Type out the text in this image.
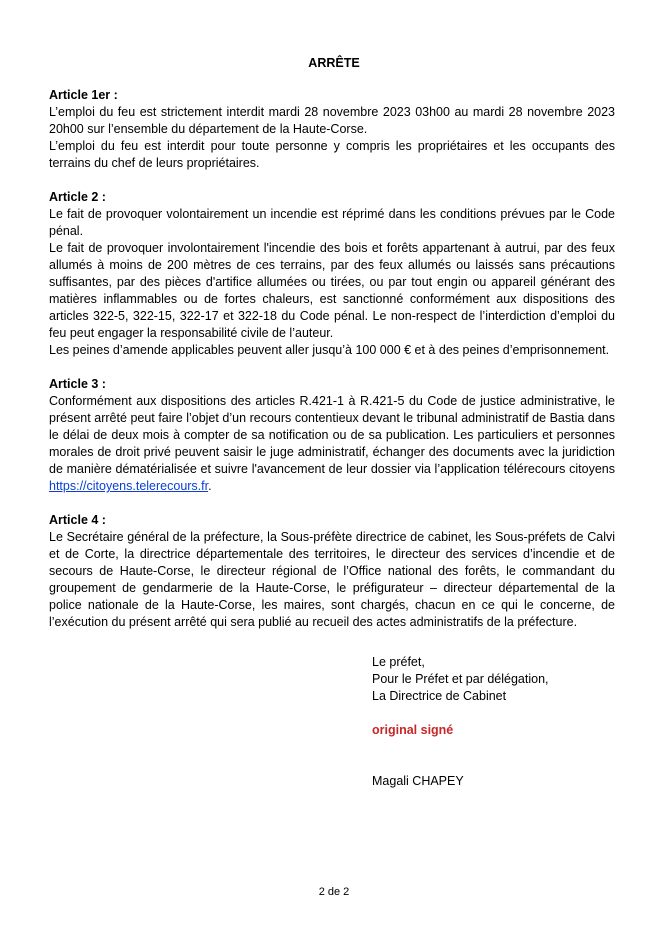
ARRÊTE

Article 1er :

L’emploi du feu est strictement interdit mardi 28 novembre 2023 03h00 au mardi 28 novembre 2023 20h00 sur l’ensemble du département de la Haute-Corse.

L’emploi du feu est interdit pour toute personne y compris les propriétaires et les occupants des terrains du chef de leurs propriétaires.

Article 2 :

Le fait de provoquer volontairement un incendie est réprimé dans les conditions prévues par le Code pénal.

Le fait de provoquer involontairement l'incendie des bois et forêts appartenant à autrui, par des feux allumés à moins de 200 mètres de ces terrains, par des feux allumés ou laissés sans précautions suffisantes, par des pièces d'artifice allumées ou tirées, ou par tout engin ou appareil générant des matières inflammables ou de fortes chaleurs, est sanctionné conformément aux dispositions des articles 322-5, 322-15, 322-17 et 322-18 du Code pénal. Le non-respect de l’interdiction d’emploi du feu peut engager la responsabilité civile de l’auteur.

Les peines d’amende applicables peuvent aller jusqu’à 100 000 € et à des peines d’emprisonnement.

Article 3 :

Conformément aux dispositions des articles R.421-1 à R.421-5 du Code de justice administrative, le présent arrêté peut faire l’objet d’un recours contentieux devant le tribunal administratif de Bastia dans le délai de deux mois à compter de sa notification ou de sa publication. Les particuliers et personnes morales de droit privé peuvent saisir le juge administratif, échanger des documents avec la juridiction de manière dématérialisée et suivre l'avancement de leur dossier via l’application télérecours citoyens https://citoyens.telerecours.fr.

Article 4 :

Le Secrétaire général de la préfecture, la Sous-préfète directrice de cabinet, les Sous-préfets de Calvi et de Corte, la directrice départementale des territoires, le directeur des services d’incendie et de secours de Haute-Corse, le directeur régional de l’Office national des forêts, le commandant du groupement de gendarmerie de la Haute-Corse, le préfigurateur – directeur départemental de la police nationale de la Haute-Corse, les maires, sont chargés, chacun en ce qui le concerne, de l’exécution du présent arrêté qui sera publié au recueil des actes administratifs de la préfecture.

Le préfet,

Pour le Préfet et par délégation,

La Directrice de Cabinet

original signé

Magali CHAPEY

2 de 2
